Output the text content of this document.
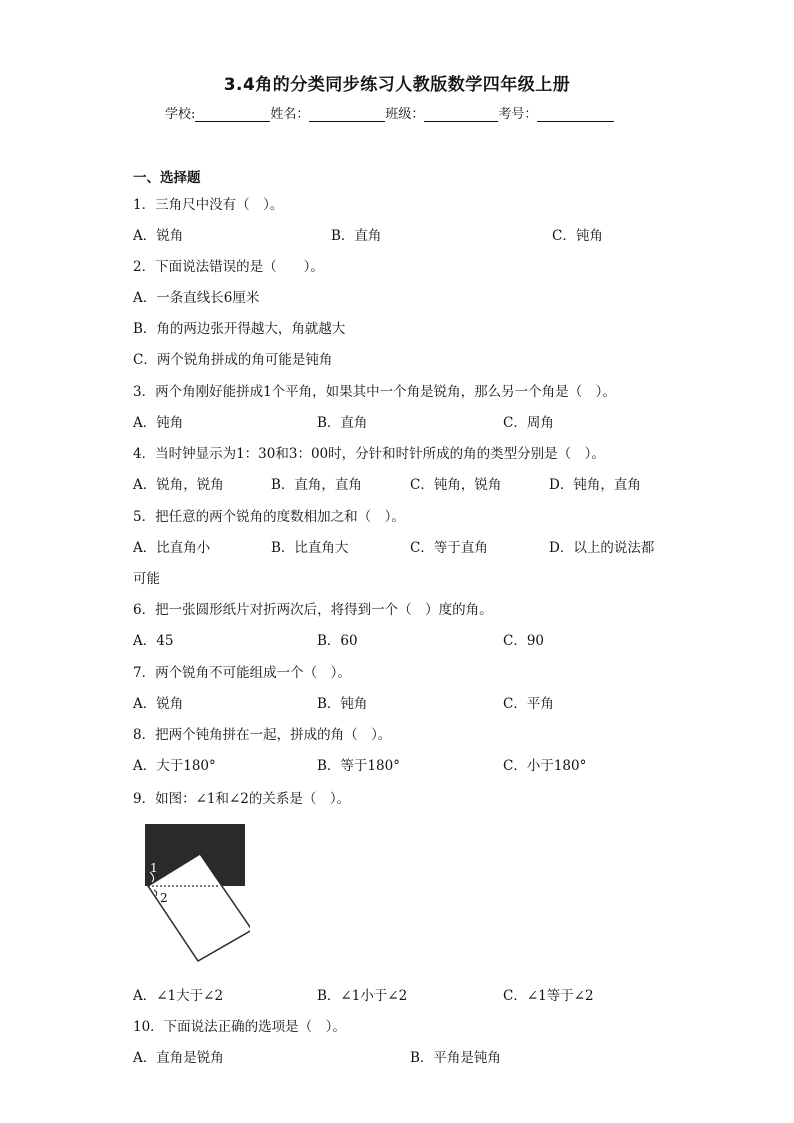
3.4角的分类同步练习人教版数学四年级上册
学校:	姓名：	班级：	考号：
一、选择题
1．三角尺中没有（　）。
A．锐角	B．直角	C．钝角
2．下面说法错误的是（　　）。
A．一条直线长6厘米
B．角的两边张开得越大，角就越大
C．两个锐角拼成的角可能是钝角
3．两个角刚好能拼成1个平角，如果其中一个角是锐角，那么另一个角是（　）。
A．钝角	B．直角	C．周角
4．当时钟显示为1：30和3：00时，分针和时针所成的角的类型分别是（　）。
A．锐角，锐角	B．直角，直角	C．钝角，锐角	D．钝角，直角
5．把任意的两个锐角的度数相加之和（　）。
A．比直角小	B．比直角大	C．等于直角	D．以上的说法都
可能
6．把一张圆形纸片对折两次后，将得到一个（　）度的角。
A．45	B．60	C．90
7．两个锐角不可能组成一个（　）。
A．锐角	B．钝角	C．平角
8．把两个钝角拼在一起，拼成的角（　）。
A．大于180°	B．等于180°	C．小于180°
9．如图：∠1和∠2的关系是（　）。
1
2
A．∠1大于∠2	B．∠1小于∠2	C．∠1等于∠2
10．下面说法正确的选项是（　）。
A．直角是锐角	B．平角是钝角
